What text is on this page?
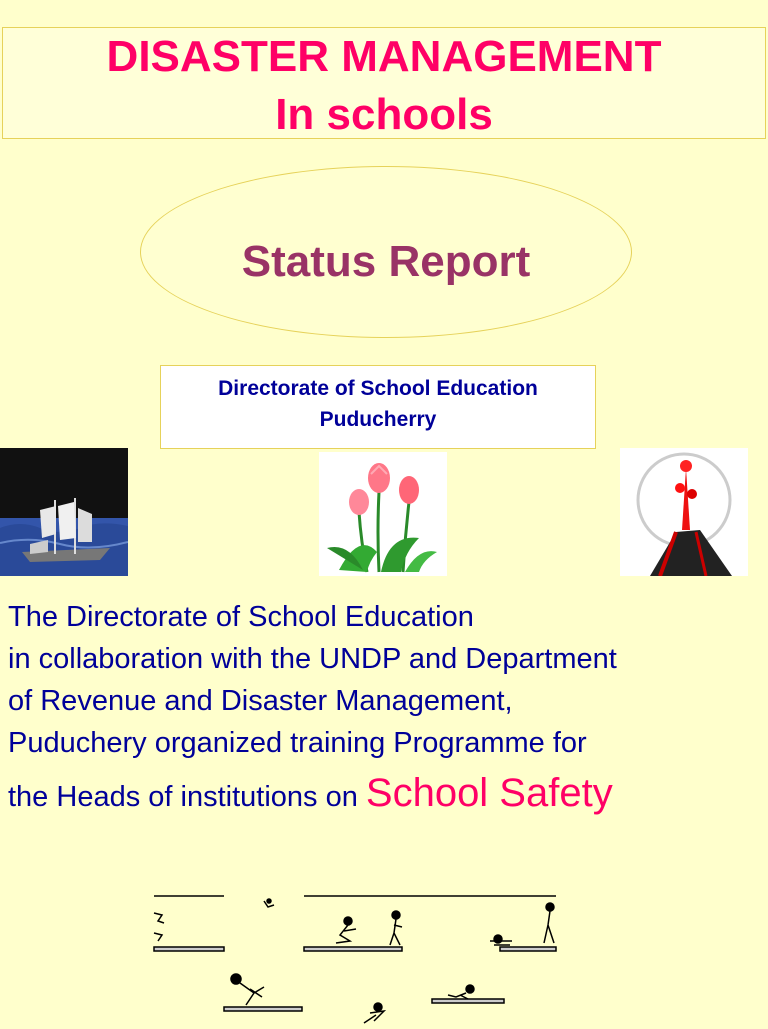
DISASTER MANAGEMENT
In schools
Status Report
Directorate of School Education
Puducherry
The Directorate of School Education
in collaboration with the UNDP and Department
of Revenue and Disaster Management,
Puduchery organized training Programme for
the Heads of institutions on School Safety
